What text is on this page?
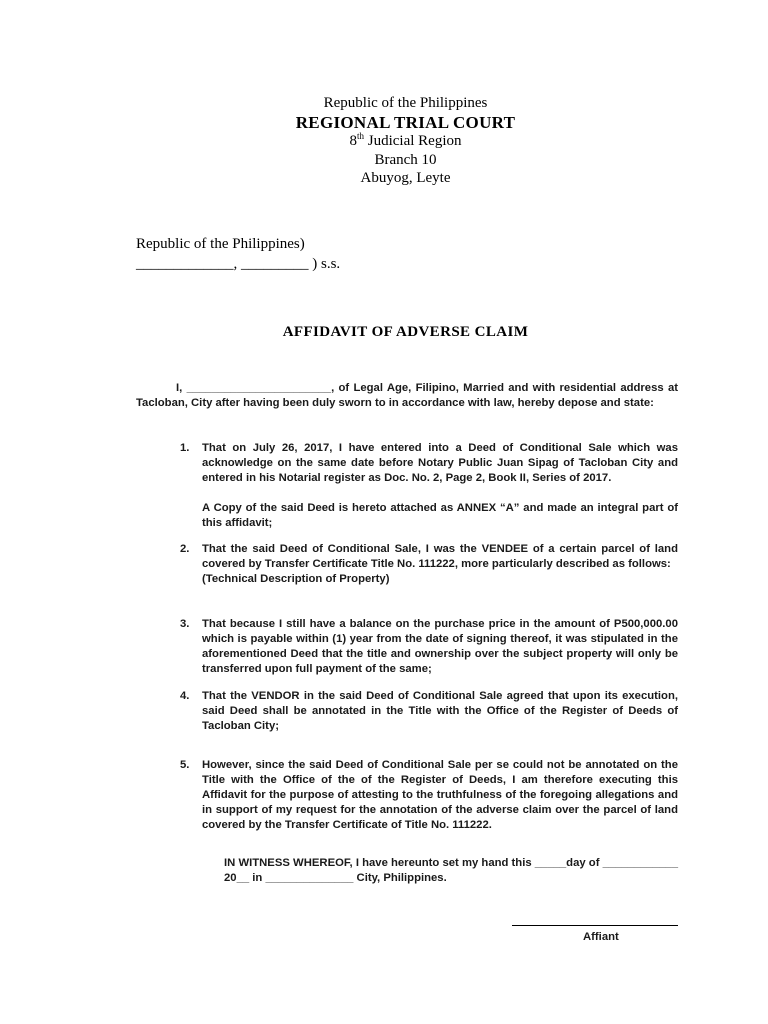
Republic of the Philippines
REGIONAL TRIAL COURT
8th Judicial Region
Branch 10
Abuyog, Leyte
Republic of the Philippines)
_____________, _________ ) s.s.
AFFIDAVIT OF ADVERSE CLAIM
I, _______________________, of Legal Age, Filipino, Married and with residential address at Tacloban, City after having been duly sworn to in accordance with law, hereby depose and state:
1. That on July 26, 2017, I have entered into a Deed of Conditional Sale which was acknowledge on the same date before Notary Public Juan Sipag of Tacloban City and entered in his Notarial register as Doc. No. 2, Page 2, Book II, Series of 2017.
A Copy of the said Deed is hereto attached as ANNEX “A” and made an integral part of this affidavit;
2. That the said Deed of Conditional Sale, I was the VENDEE of a certain parcel of land covered by Transfer Certificate Title No. 111222, more particularly described as follows:
(Technical Description of Property)
3. That because I still have a balance on the purchase price in the amount of P500,000.00 which is payable within (1) year from the date of signing thereof, it was stipulated in the aforementioned Deed that the title and ownership over the subject property will only be transferred upon full payment of the same;
4. That the VENDOR in the said Deed of Conditional Sale agreed that upon its execution, said Deed shall be annotated in the Title with the Office of the Register of Deeds of Tacloban City;
5. However, since the said Deed of Conditional Sale per se could not be annotated on the Title with the Office of the of the Register of Deeds, I am therefore executing this Affidavit for the purpose of attesting to the truthfulness of the foregoing allegations and in support of my request for the annotation of the adverse claim over the parcel of land covered by the Transfer Certificate of Title No. 111222.
IN WITNESS WHEREOF, I have hereunto set my hand this _____day of ____________ 20__ in ______________ City, Philippines.
Affiant
